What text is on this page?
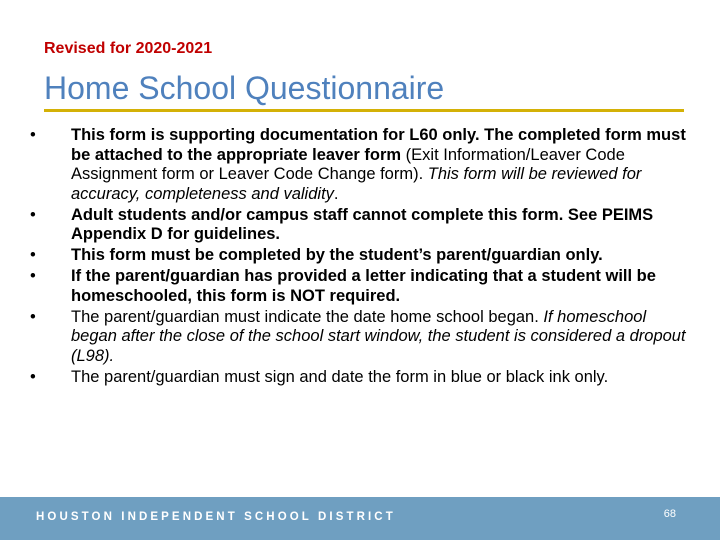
Revised for 2020-2021
Home School Questionnaire
• This form is supporting documentation for L60 only. The completed form must be attached to the appropriate leaver form (Exit Information/Leaver Code Assignment form or Leaver Code Change form). This form will be reviewed for accuracy, completeness and validity.
• Adult students and/or campus staff cannot complete this form. See PEIMS Appendix D for guidelines.
• This form must be completed by the student’s parent/guardian only.
• If the parent/guardian has provided a letter indicating that a student will be homeschooled, this form is NOT required.
• The parent/guardian must indicate the date home school began. If homeschool began after the close of the school start window, the student is considered a dropout (L98).
• The parent/guardian must sign and date the form in blue or black ink only.
HOUSTON INDEPENDENT SCHOOL DISTRICT	68
